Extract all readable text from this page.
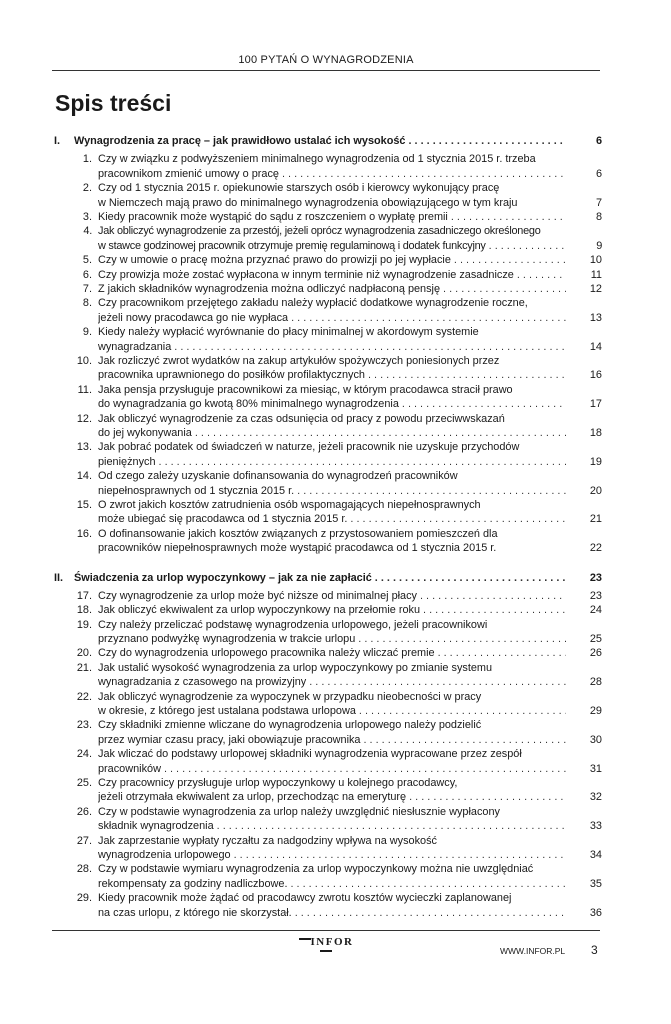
100 PYTAŃ O WYNAGRODZENIA
Spis treści
I.	Wynagrodzenia za pracę – jak prawidłowo ustalać ich wysokość . . .	6
1. Czy w związku z podwyższeniem minimalnego wynagrodzenia od 1 stycznia 2015 r. trzeba
pracownikom zmienić umowy o pracę . . .	6
2. Czy od 1 stycznia 2015 r. opiekunowie starszych osób i kierowcy wykonujący pracę
w Niemczech mają prawo do minimalnego wynagrodzenia obowiązującego w tym kraju	7
3. Kiedy pracownik może wystąpić do sądu z roszczeniem o wypłatę premii . . .	8
4. Jak obliczyć wynagrodzenie za przestój, jeżeli oprócz wynagrodzenia zasadniczego określonego
w stawce godzinowej pracownik otrzymuje premię regulaminową i dodatek funkcyjny . . .	9
5. Czy w umowie o pracę można przyznać prawo do prowizji po jej wypłacie . . .	10
6. Czy prowizja może zostać wypłacona w innym terminie niż wynagrodzenie zasadnicze . . .	11
7. Z jakich składników wynagrodzenia można odliczyć nadpłaconą pensję . . .	12
8. Czy pracownikom przejętego zakładu należy wypłacić dodatkowe wynagrodzenie roczne,
jeżeli nowy pracodawca go nie wypłaca . . .	13
9. Kiedy należy wypłacić wyrównanie do płacy minimalnej w akordowym systemie
wynagradzania . . .	14
10. Jak rozliczyć zwrot wydatków na zakup artykułów spożywczych poniesionych przez
pracownika uprawnionego do posiłków profilaktycznych . . .	16
11. Jaka pensja przysługuje pracownikowi za miesiąc, w którym pracodawca stracił prawo
do wynagradzania go kwotą 80% minimalnego wynagrodzenia . . .	17
12. Jak obliczyć wynagrodzenie za czas odsunięcia od pracy z powodu przeciwwskazań
do jej wykonywania . . .	18
13. Jak pobrać podatek od świadczeń w naturze, jeżeli pracownik nie uzyskuje przychodów
pieniężnych . . .	19
14. Od czego zależy uzyskanie dofinansowania do wynagrodzeń pracowników
niepełnosprawnych od 1 stycznia 2015 r. . . .	20
15. O zwrot jakich kosztów zatrudnienia osób wspomagających niepełnosprawnych
może ubiegać się pracodawca od 1 stycznia 2015 r. . . .	21
16. O dofinansowanie jakich kosztów związanych z przystosowaniem pomieszczeń dla
pracowników niepełnosprawnych może wystąpić pracodawca od 1 stycznia 2015 r.	22
II.	Świadczenia za urlop wypoczynkowy – jak za nie zapłacić . . .	23
17. Czy wynagrodzenie za urlop może być niższe od minimalnej płacy . . .	23
18. Jak obliczyć ekwiwalent za urlop wypoczynkowy na przełomie roku . . .	24
19. Czy należy przeliczać podstawę wynagrodzenia urlopowego, jeżeli pracownikowi
przyznano podwyżkę wynagrodzenia w trakcie urlopu . . .	25
20. Czy do wynagrodzenia urlopowego pracownika należy wliczać premie . . .	26
21. Jak ustalić wysokość wynagrodzenia za urlop wypoczynkowy po zmianie systemu
wynagradzania z czasowego na prowizyjny . . .	28
22. Jak obliczyć wynagrodzenie za wypoczynek w przypadku nieobecności w pracy
w okresie, z którego jest ustalana podstawa urlopowa . . .	29
23. Czy składniki zmienne wliczane do wynagrodzenia urlopowego należy podzielić
przez wymiar czasu pracy, jaki obowiązuje pracownika . . .	30
24. Jak wliczać do podstawy urlopowej składniki wynagrodzenia wypracowane przez zespół
pracowników . . .	31
25. Czy pracownicy przysługuje urlop wypoczynkowy u kolejnego pracodawcy,
jeżeli otrzymała ekwiwalent za urlop, przechodząc na emeryturę . . .	32
26. Czy w podstawie wynagrodzenia za urlop należy uwzględnić niesłusznie wypłacony
składnik wynagrodzenia . . .	33
27. Jak zaprzestanie wypłaty ryczałtu za nadgodziny wpływa na wysokość
wynagrodzenia urlopowego . . .	34
28. Czy w podstawie wymiaru wynagrodzenia za urlop wypoczynkowy można nie uwzględniać
rekompensaty za godziny nadliczbowe. . . .	35
29. Kiedy pracownik może żądać od pracodawcy zwrotu kosztów wycieczki zaplanowanej
na czas urlopu, z którego nie skorzystał. . . .	36
INFOR
WWW.INFOR.PL 3
